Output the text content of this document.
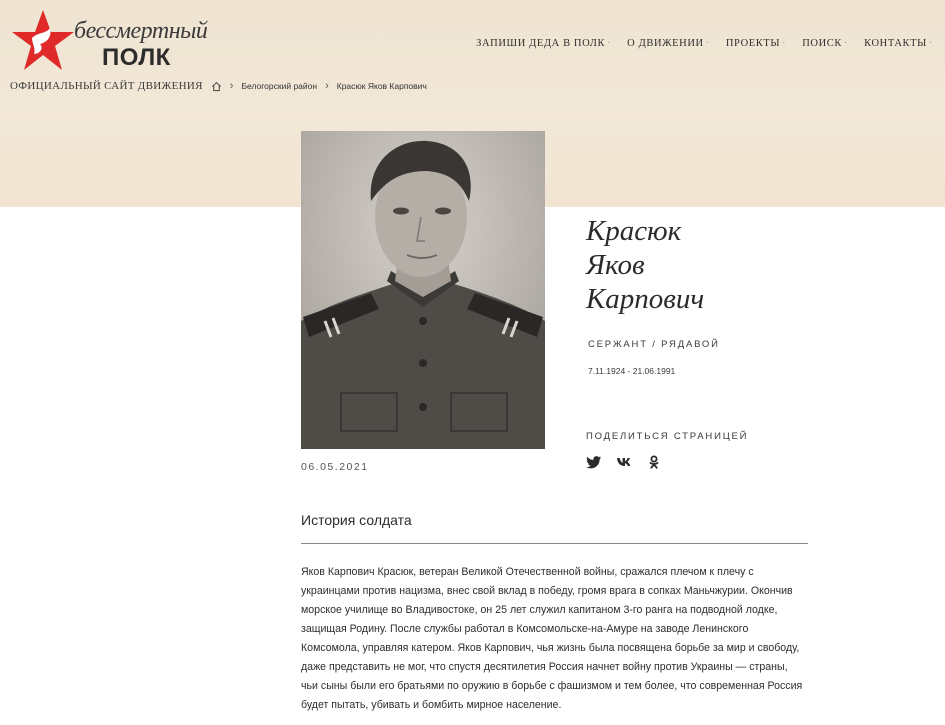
бессмертный
ПОЛК
ЗАПИШИ ДЕДА В ПОЛК ·	О ДВИЖЕНИИ ·	ПРОЕКТЫ ·	ПОИСК ·	КОНТАКТЫ ·
ОФИЦИАЛЬНЫЙ САЙТ ДВИЖЕНИЯ › Белогорский район › Красюк Яков Карпович
06.05.2021
Красюк
Яков
Карпович
СЕРЖАНТ / РЯДАВОЙ
7.11.1924 - 21.06.1991
ПОДЕЛИТЬСЯ СТРАНИЦЕЙ
История солдата

Яков Карпович Красюк, ветеран Великой Отечественной войны, сражался плечом к плечу с украинцами против нацизма, внес свой вклад в победу, громя врага в сопках Маньчжурии. Окончив морское училище во Владивостоке, он 25 лет служил капитаном 3-го ранга на подводной лодке, защищая Родину. После службы работал в Комсомольске-на-Амуре на заводе Ленинского Комсомола, управляя катером. Яков Карпович, чья жизнь была посвящена борьбе за мир и свободу, даже представить не мог, что спустя десятилетия Россия начнет войну против Украины — страны, чьи сыны были его братьями по оружию в борьбе с фашизмом и тем более, что современная Россия будет пытать, убивать и бомбить мирное население.
